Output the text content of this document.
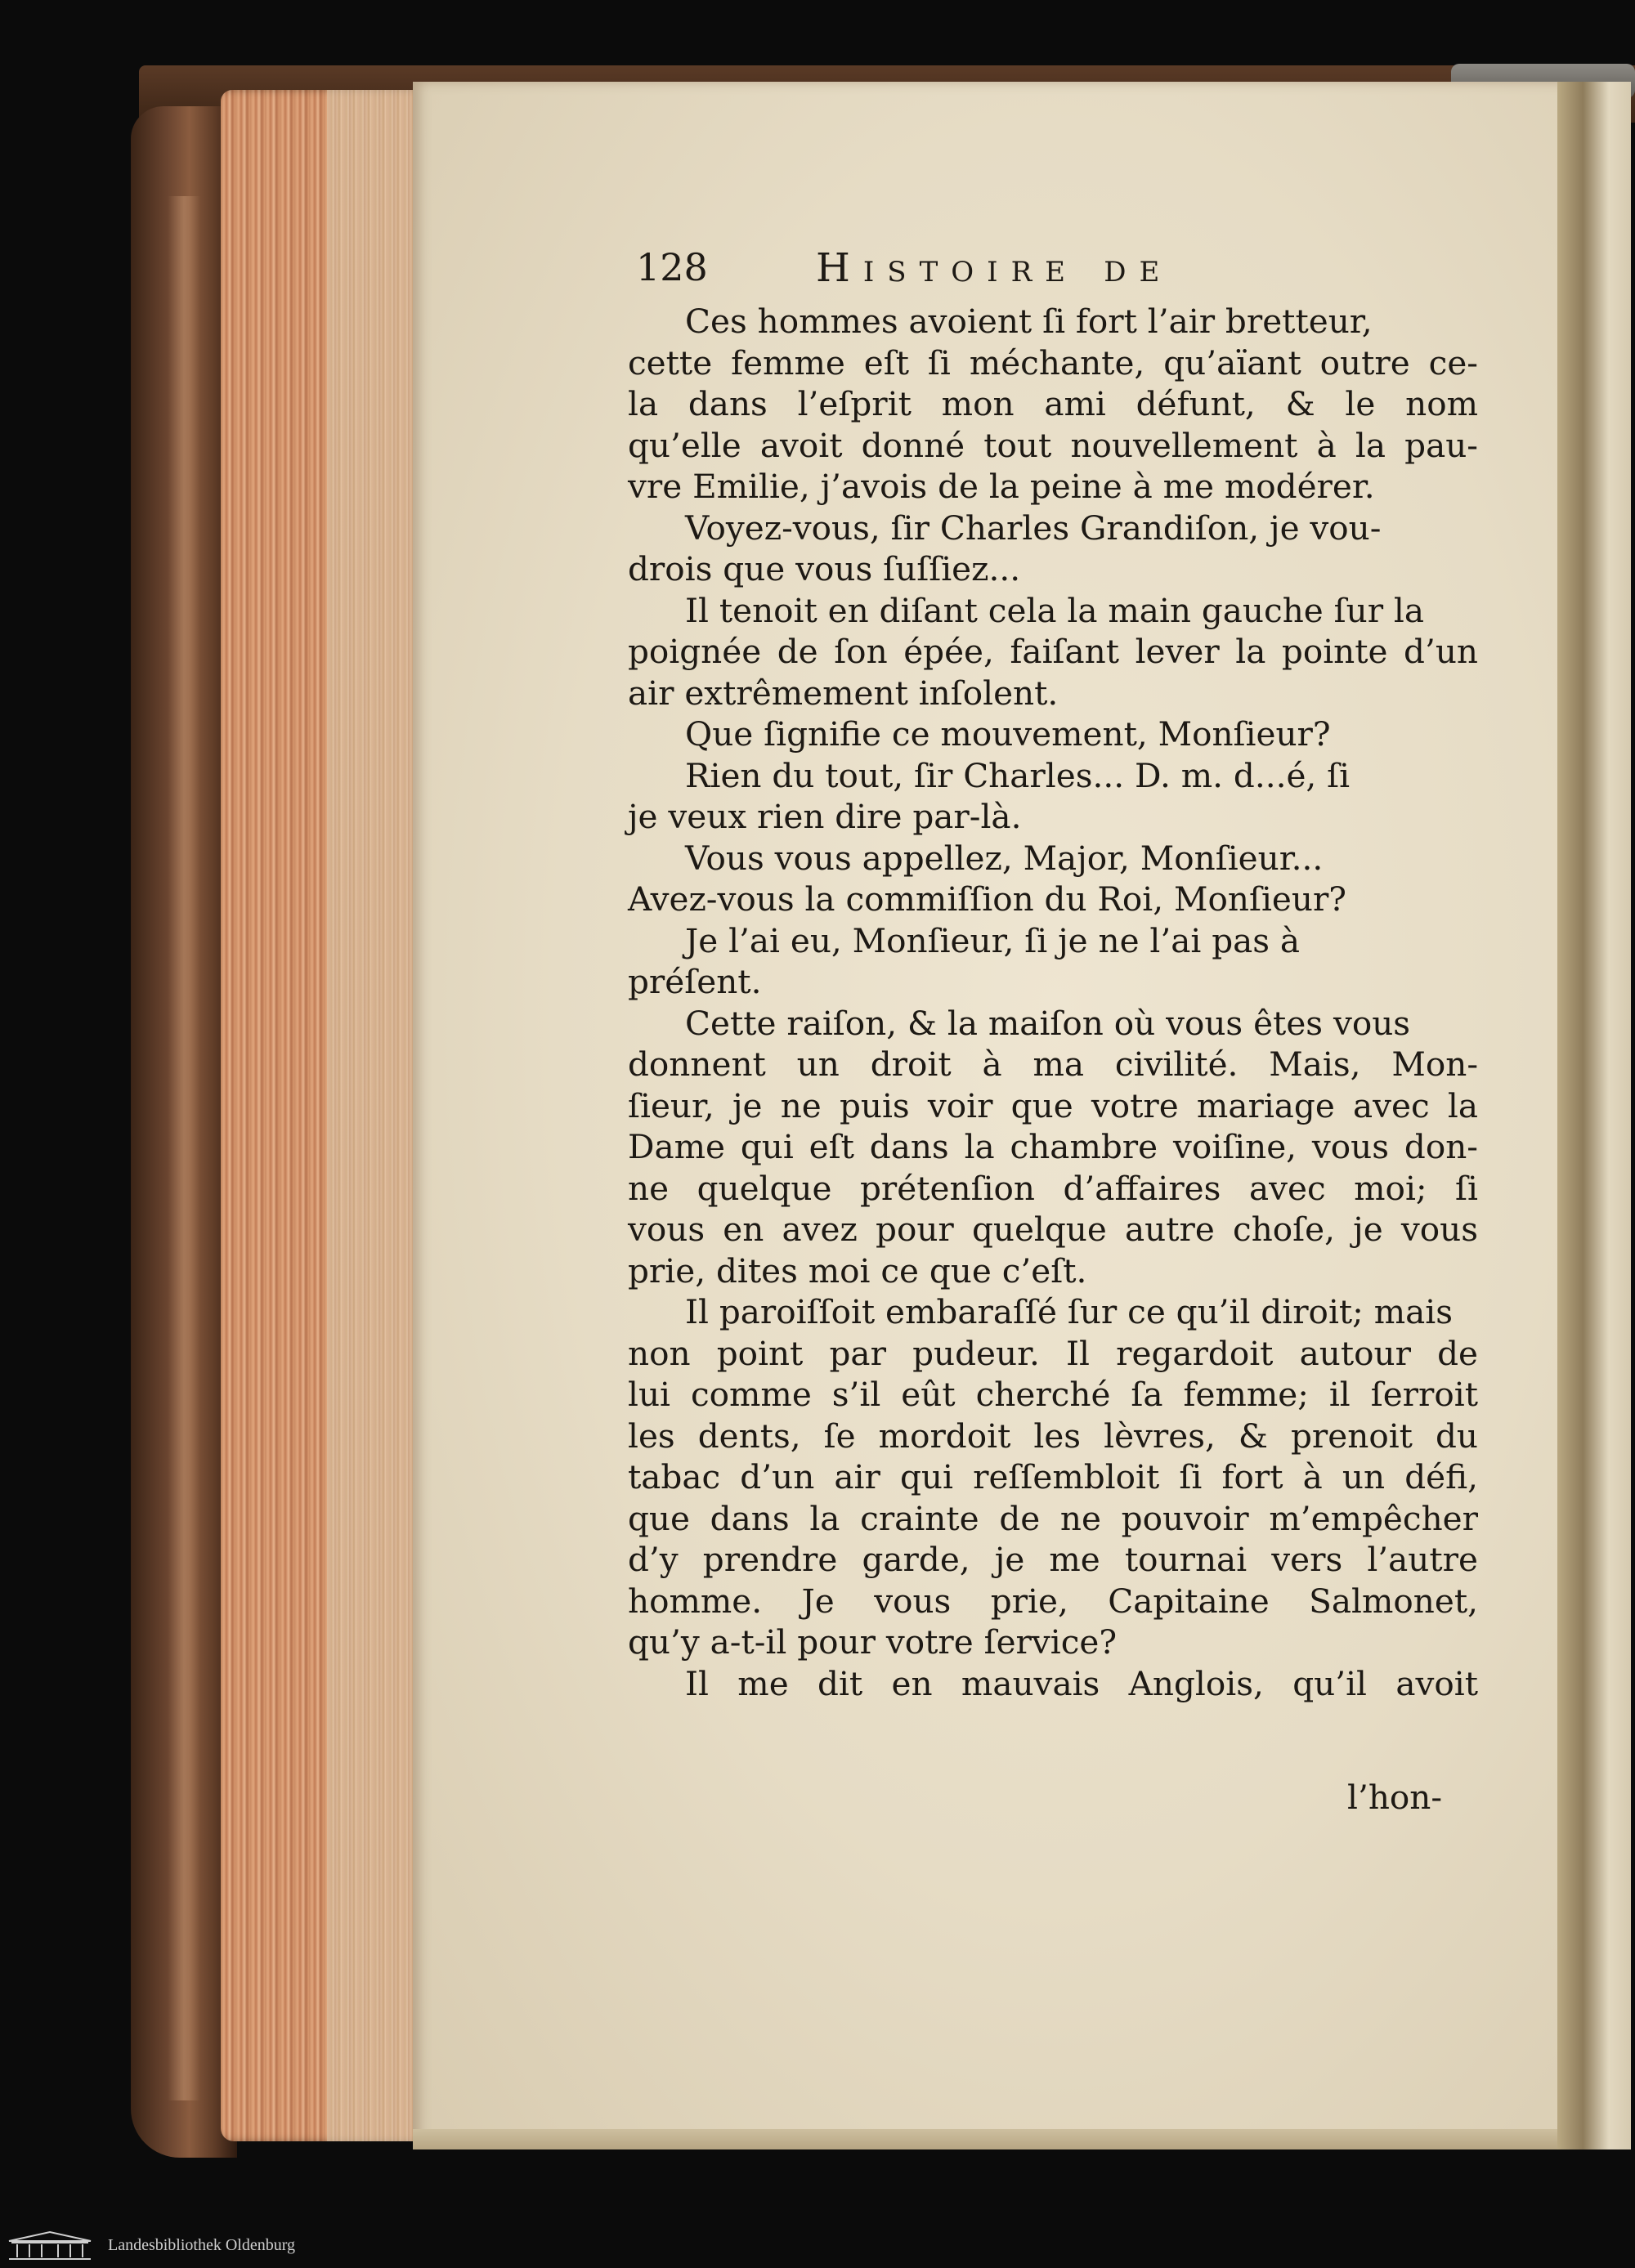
128	Histoire de
Ces hommes avoient ſi fort l’air bretteur,
cette femme eſt ſi méchante, qu’aïant outre ce-
la dans l’eſprit mon ami défunt, & le nom
qu’elle avoit donné tout nouvellement à la pau-
vre Emilie, j’avois de la peine à me modérer.
Voyez-vous, ſir Charles Grandiſon, je vou-
drois que vous ſuſſiez...
Il tenoit en diſant cela la main gauche ſur la
poignée de ſon épée, faiſant lever la pointe d’un
air extrêmement inſolent.
Que ſignifie ce mouvement, Monſieur?
Rien du tout, ſir Charles... D. m. d...é, ſi
je veux rien dire par-là.
Vous vous appellez, Major, Monſieur...
Avez-vous la commiſſion du Roi, Monſieur?
Je l’ai eu, Monſieur, ſi je ne l’ai pas à
préſent.
Cette raiſon, & la maiſon où vous êtes vous
donnent un droit à ma civilité. Mais, Mon-
ſieur, je ne puis voir que votre mariage avec la
Dame qui eſt dans la chambre voiſine, vous don-
ne quelque prétenſion d’affaires avec moi; ſi
vous en avez pour quelque autre choſe, je vous
prie, dites moi ce que c’eſt.
Il paroiſſoit embaraſſé ſur ce qu’il diroit; mais
non point par pudeur. Il regardoit autour de
lui comme s’il eût cherché ſa femme; il ſerroit
les dents, ſe mordoit les lèvres, & prenoit du
tabac d’un air qui reſſembloit ſi fort à un défi,
que dans la crainte de ne pouvoir m’empêcher
d’y prendre garde, je me tournai vers l’autre
homme. Je vous prie, Capitaine Salmonet,
qu’y a-t-il pour votre ſervice?
Il me dit en mauvais Anglois, qu’il avoit
l’hon-
Landesbibliothek Oldenburg
